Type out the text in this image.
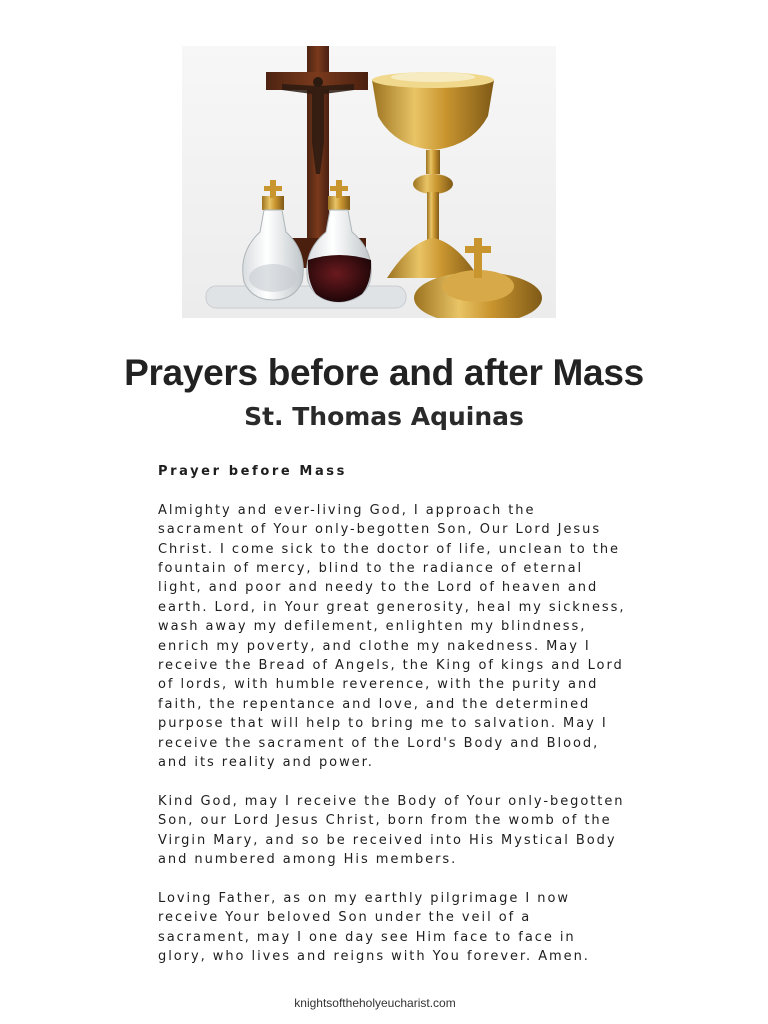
Prayers before and after Mass
St. Thomas Aquinas

Prayer before Mass

Almighty and ever-living God, I approach the sacrament of Your only-begotten Son, Our Lord Jesus Christ. I come sick to the doctor of life, unclean to the fountain of mercy, blind to the radiance of eternal light, and poor and needy to the Lord of heaven and earth. Lord, in Your great generosity, heal my sickness, wash away my defilement, enlighten my blindness, enrich my poverty, and clothe my nakedness. May I receive the Bread of Angels, the King of kings and Lord of lords, with humble reverence, with the purity and faith, the repentance and love, and the determined purpose that will help to bring me to salvation. May I receive the sacrament of the Lord's Body and Blood, and its reality and power.

Kind God, may I receive the Body of Your only-begotten Son, our Lord Jesus Christ, born from the womb of the Virgin Mary, and so be received into His Mystical Body and numbered among His members.

Loving Father, as on my earthly pilgrimage I now receive Your beloved Son under the veil of a sacrament, may I one day see Him face to face in glory, who lives and reigns with You forever. Amen.

knightsoftheholyeucharist.com
